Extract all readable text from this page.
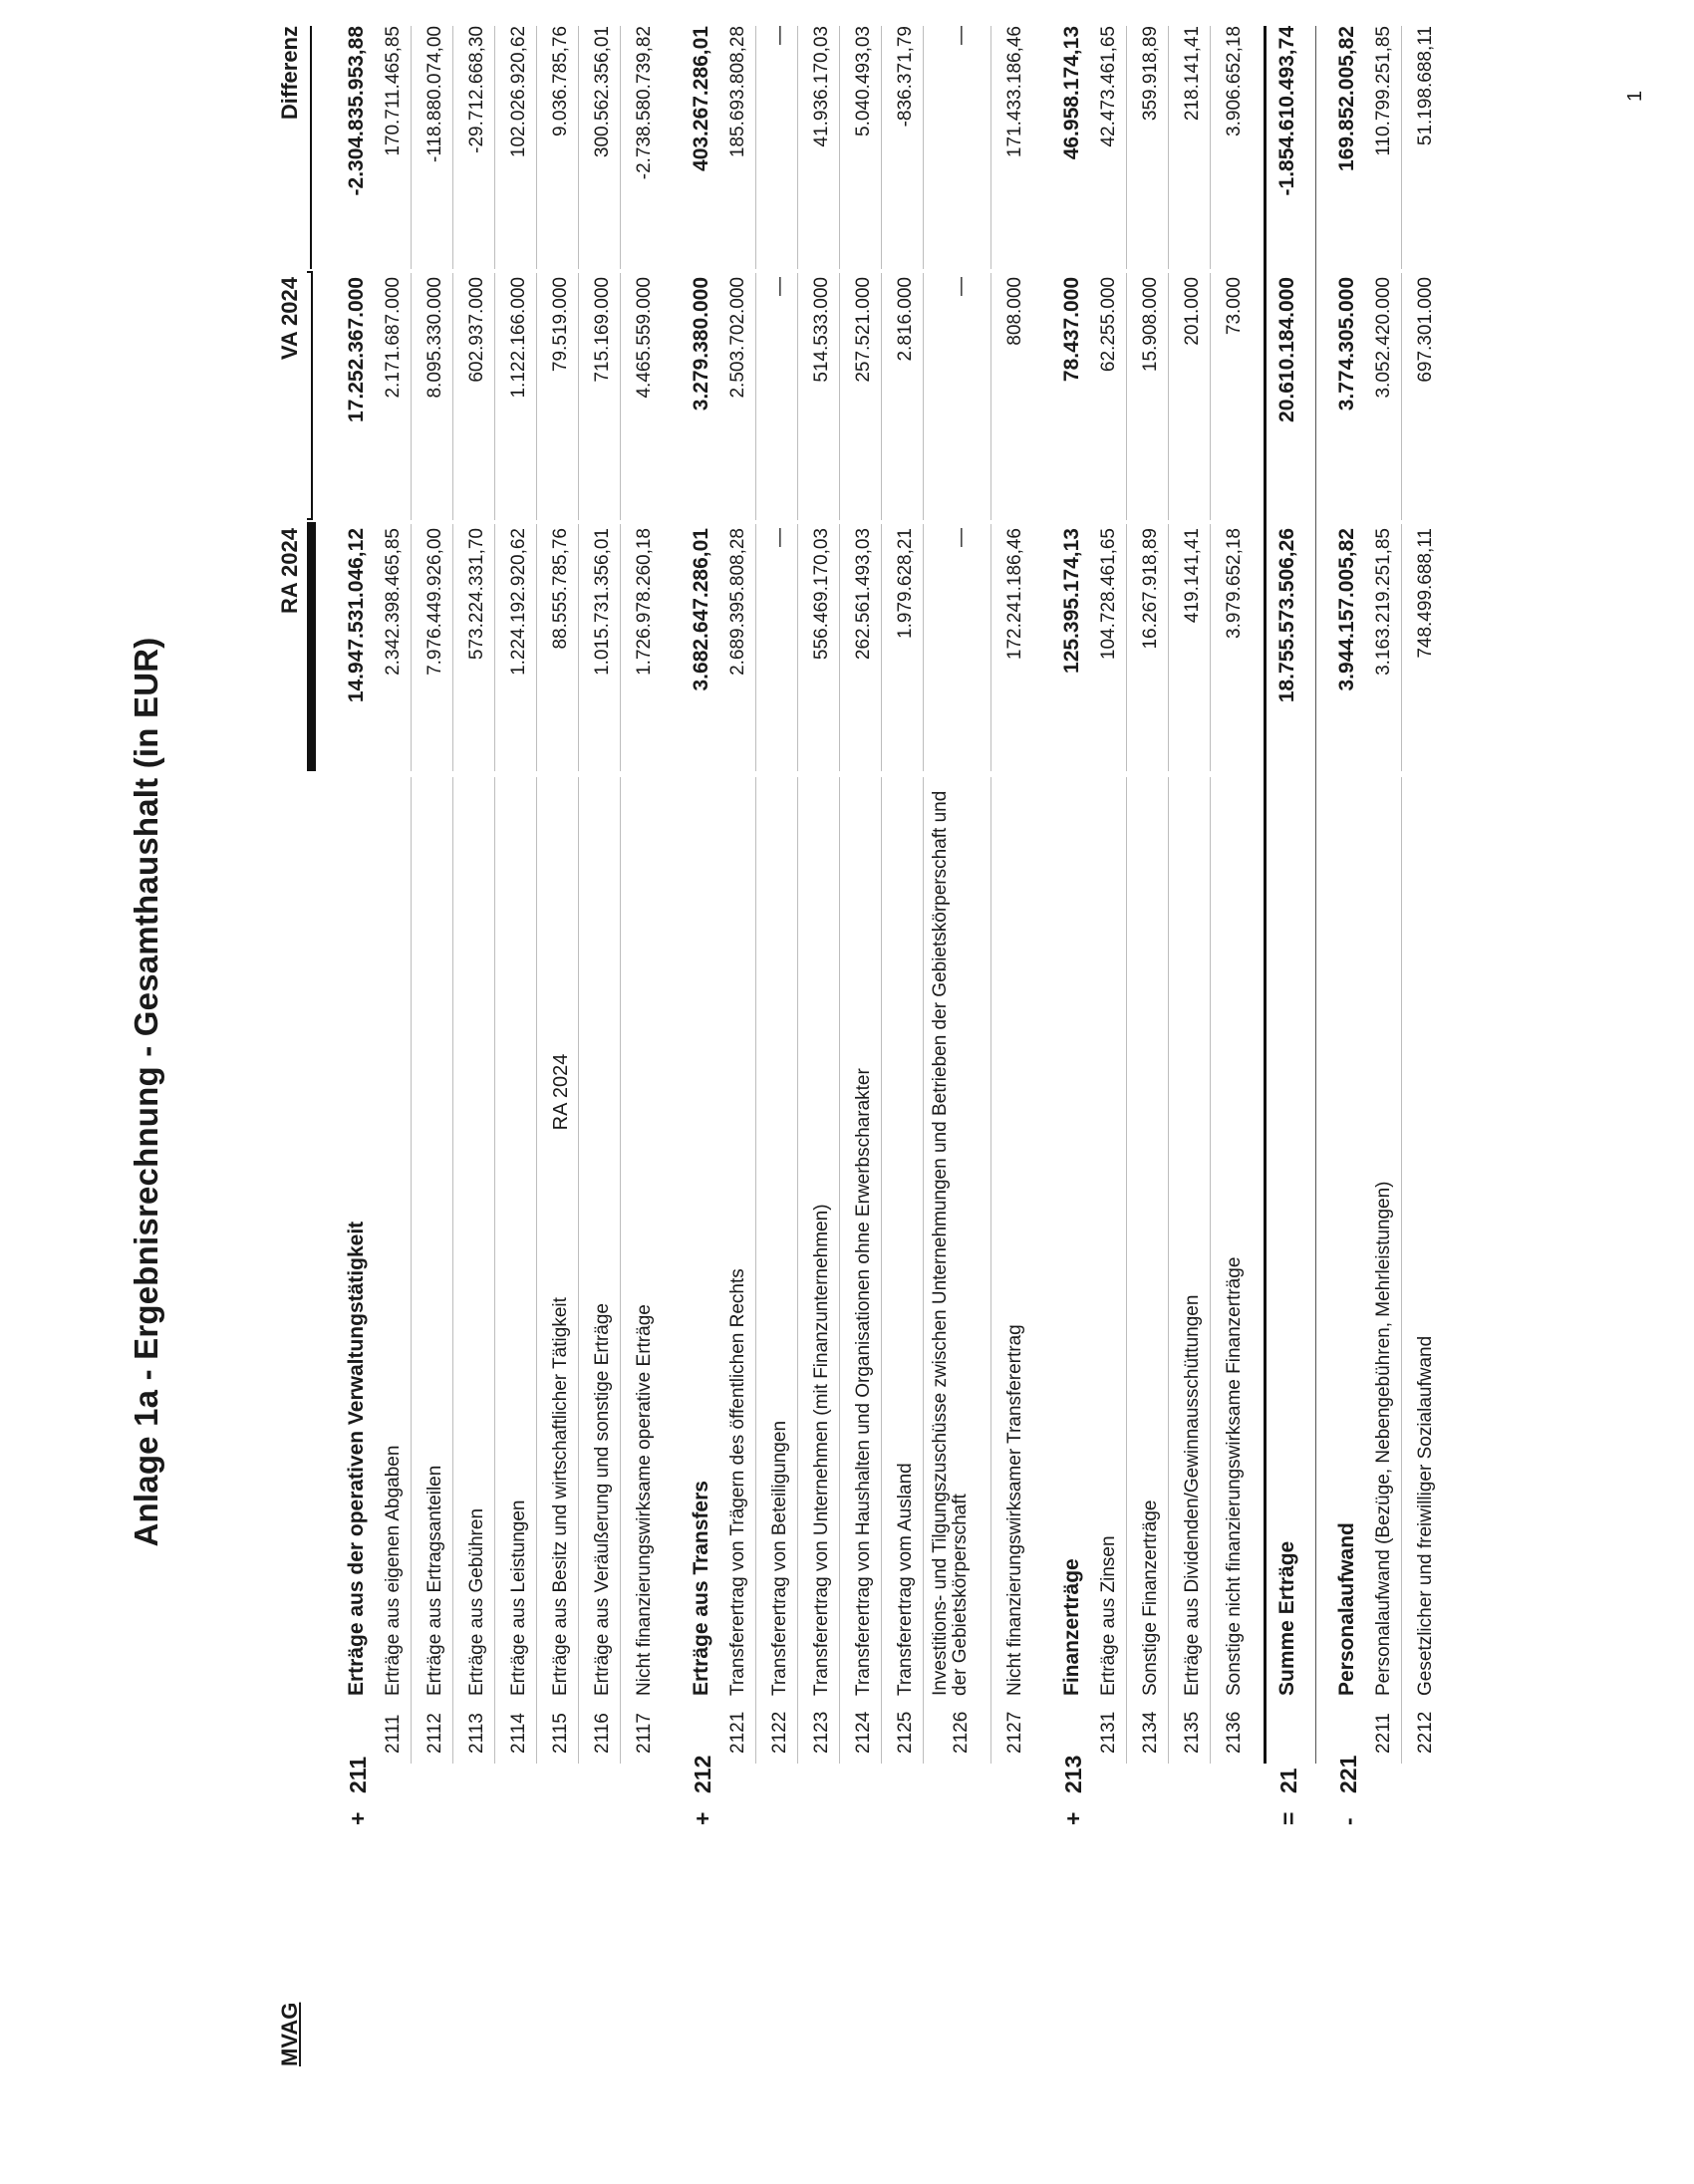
Anlage 1a - Ergebnisrechnung - Gesamthaushalt (in EUR)
MVAG
RA 2024
VA 2024
Differenz
+
211
Erträge aus der operativen Verwaltungstätigkeit
14.947.531.046,12
17.252.367.000
-2.304.835.953,88
2111
Erträge aus eigenen Abgaben
2.342.398.465,85
2.171.687.000
170.711.465,85
2112
Erträge aus Ertragsanteilen
7.976.449.926,00
8.095.330.000
-118.880.074,00
2113
Erträge aus Gebühren
573.224.331,70
602.937.000
-29.712.668,30
2114
Erträge aus Leistungen
1.224.192.920,62
1.122.166.000
102.026.920,62
2115
Erträge aus Besitz und wirtschaftlicher Tätigkeit
88.555.785,76
79.519.000
9.036.785,76
2116
Erträge aus Veräußerung und sonstige Erträge
1.015.731.356,01
715.169.000
300.562.356,01
2117
Nicht finanzierungswirksame operative Erträge
1.726.978.260,18
4.465.559.000
-2.738.580.739,82
+
212
Erträge aus Transfers
3.682.647.286,01
3.279.380.000
403.267.286,01
2121
Transferertrag von Trägern des öffentlichen Rechts
2.689.395.808,28
2.503.702.000
185.693.808,28
2122
Transferertrag von Beteiligungen
—
—
—
2123
Transferertrag von Unternehmen (mit Finanzunternehmen)
556.469.170,03
514.533.000
41.936.170,03
2124
Transferertrag von Haushalten und Organisationen ohne Erwerbscharakter
262.561.493,03
257.521.000
5.040.493,03
2125
Transferertrag vom Ausland
1.979.628,21
2.816.000
-836.371,79
2126
Investitions- und Tilgungszuschüsse zwischen Unternehmungen und Betrieben der Gebietskörperschaft und der Gebietskörperschaft
—
—
—
2127
Nicht finanzierungswirksamer Transferertrag
172.241.186,46
808.000
171.433.186,46
+
213
Finanzerträge
125.395.174,13
78.437.000
46.958.174,13
2131
Erträge aus Zinsen
104.728.461,65
62.255.000
42.473.461,65
2134
Sonstige Finanzerträge
16.267.918,89
15.908.000
359.918,89
2135
Erträge aus Dividenden/Gewinnausschüttungen
419.141,41
201.000
218.141,41
2136
Sonstige nicht finanzierungswirksame Finanzerträge
3.979.652,18
73.000
3.906.652,18
=
21
Summe Erträge
18.755.573.506,26
20.610.184.000
-1.854.610.493,74
-
221
Personalaufwand
3.944.157.005,82
3.774.305.000
169.852.005,82
2211
Personalaufwand (Bezüge, Nebengebühren, Mehrleistungen)
3.163.219.251,85
3.052.420.000
110.799.251,85
2212
Gesetzlicher und freiwilliger Sozialaufwand
748.499.688,11
697.301.000
51.198.688,11
RA 2024
1
